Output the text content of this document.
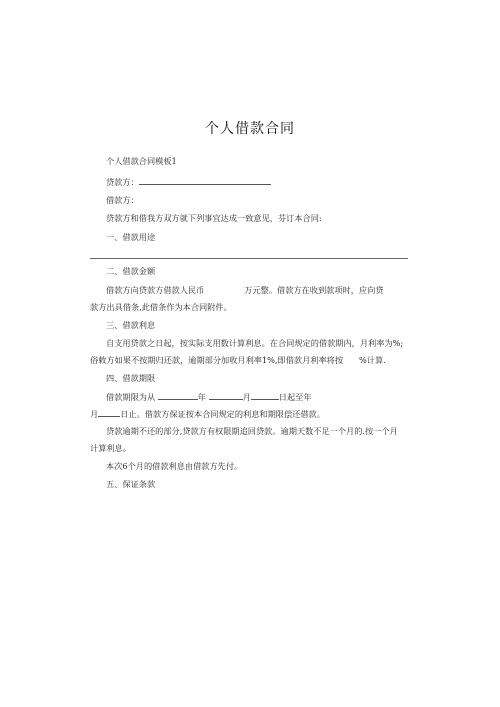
个人借款合同
个人借款合同模板1
贷款方：
借款方：
贷款方和借我方双方就下列事宜达成一致意见，芬订本合同:
一、借款用途
二、借款金额
借款方向贷款方借款人民币	万元整。借款方在收到款项时，应向贷
款方出具借条,此借条作为本合同附件。
三、借款利息
自支用贷款之日起，按实际支用数计算利息。在合同规定的借款期内，月利率为%;
俗敕方如果不按期归还款，逾期部分加收月利率1%,即借款月利率将按 %计算.
四、借款期限
借款期限为从	年	月	日起至年
月	日止。借款方保证按本合同规定的利息和期限偿还借款。
贷款逾期不还的部分,贷款方有权限期追回贷款。逾期天数不足一个月的.按一个月
计算利息。
本次6个月的借款利息由借款方先付。
五、保证条款
